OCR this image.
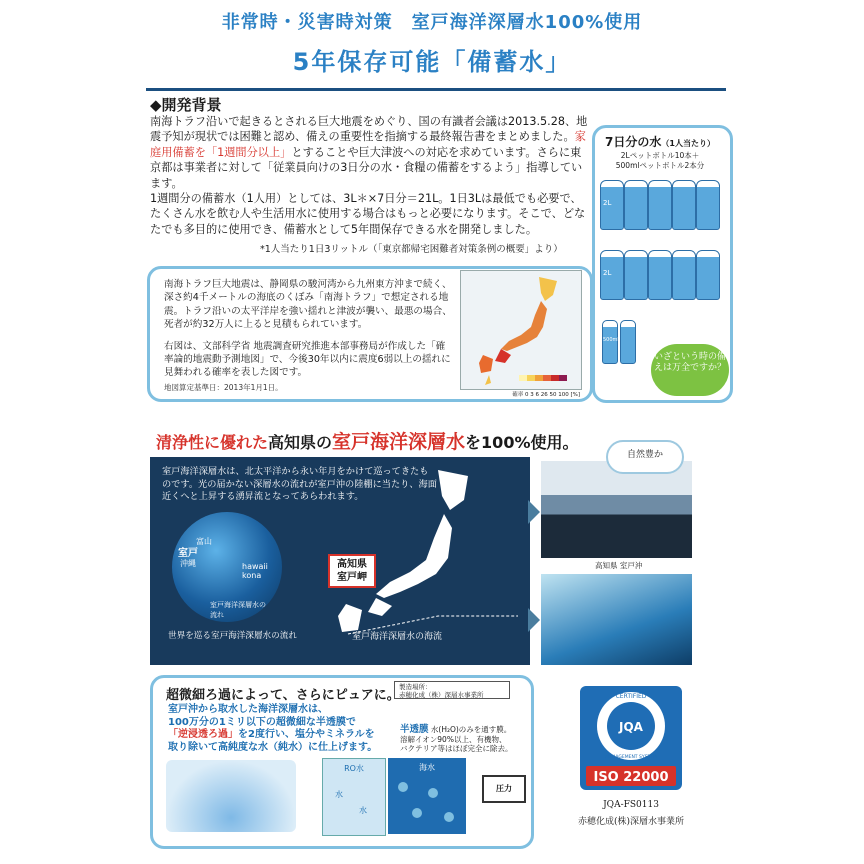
非常時・災害時対策　室戸海洋深層水100%使用
5年保存可能「備蓄水」
◆開発背景

南海トラフ沿いで起きるとされる巨大地震をめぐり、国の有識者会議は2013.5.28、地震予知が現状では困難と認め、備えの重要性を指摘する最終報告書をまとめました。家庭用備蓄を「1週間分以上」とすることや巨大津波への対応を求めています。さらに東京都は事業者に対して「従業員向けの3日分の水・食糧の備蓄をするよう」指導しています。

1週間分の備蓄水（1人用）としては、3L＊×7日分＝21L。1日3Lは最低でも必要で、たくさん水を飲む人や生活用水に使用する場合はもっと必要になります。そこで、どなたでも多目的に使用でき、備蓄水として5年間保存できる水を開発しました。

*1人当たり1日3リットル（「東京都帰宅困難者対策条例の概要」より）

南海トラフ巨大地震は、静岡県の駿河湾から九州東方沖まで続く、深さ約4千メートルの海底のくぼみ「南海トラフ」で想定される地震。トラフ沿いの太平洋岸を強い揺れと津波が襲い、最悪の場合、死者が約32万人に上ると見積もられています。

右図は、文部科学省 地震調査研究推進本部事務局が作成した「確率論的地震動予測地図」で、今後30年以内に震度6弱以上の揺れに見舞われる確率を表した図です。

地図算定基準日：2013年1月1日。
確率 0 3 6 26 50 100 [%]
7日分の水（1人当たり）
2Lペットボトル10本＋
500mlペットボトル2本分
2L
2L
500ml
いざという時の備えは万全ですか？
清浄性に優れた高知県の室戸海洋深層水を100%使用。
室戸海洋深層水は、北太平洋から永い年月をかけて巡ってきたものです。光の届かない深層水の流れが室戸沖の陸棚に当たり、海面近くへと上昇する湧昇流となってあらわれます。
室戸
沖縄
富山
hawaii kona
室戸海洋深層水の流れ
世界を巡る室戸海洋深層水の流れ
高知県
室戸岬
室戸海洋深層水の海流
自然豊か
高知県 室戸沖
超微細ろ過によって、さらにピュアに。
製造場所：
赤穂化成（株）深層水事業所
室戸沖から取水した海洋深層水は、
100万分の1ミリ以下の超微細な半透膜で
「逆浸透ろ過」を2度行い、塩分やミネラルを
取り除いて高純度な水（純水）に仕上げます。
半透膜 水(H₂O)のみを通す膜。
溶解イオン90%以上、有機物、
バクテリア等はほぼ完全に除去。
RO水
水
水
海水
圧力
JQA
CERTIFIED
MANAGEMENT SYSTEM
ISO 22000
JQA-FS0113
赤穂化成(株)深層水事業所
